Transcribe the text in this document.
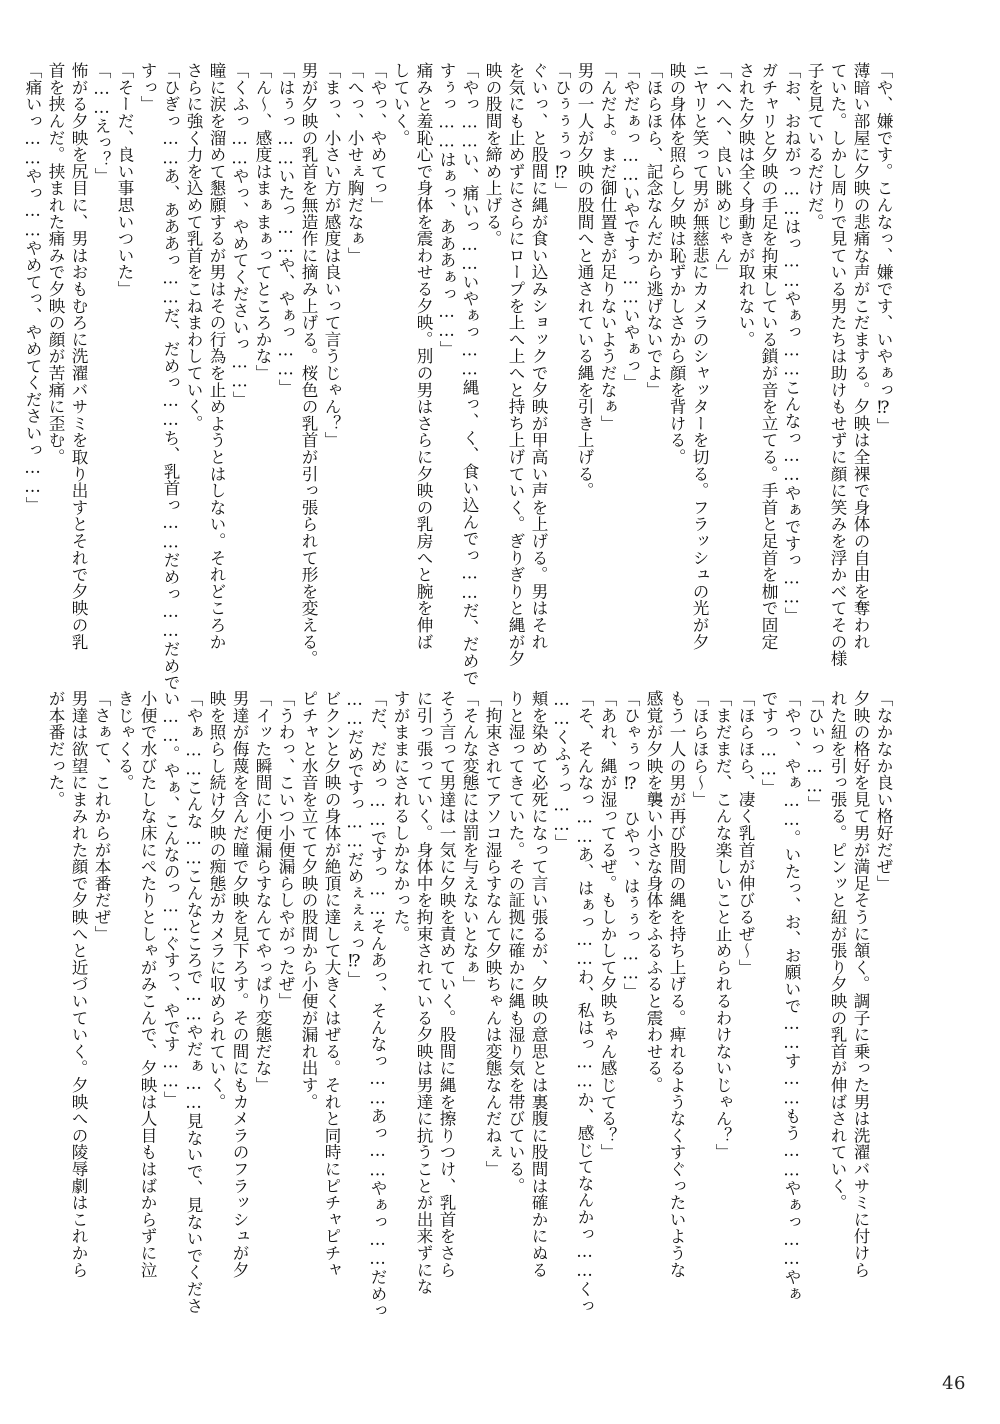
「や、嫌です。こんなっ、嫌です、いやぁっ⁉」
薄暗い部屋に夕映の悲痛な声がこだまする。夕映は全裸で身体の自由を奪われ
ていた。しかし周りで見ている男たちは助けもせずに顔に笑みを浮かべてその様
子を見ているだけだ。
「お、おねがっ……はっ……やぁっ……こんなっ……やぁですっ……」
ガチャリと夕映の手足を拘束している鎖が音を立てる。手首と足首を枷で固定
された夕映は全く身動きが取れない。
「へへへ、良い眺めじゃん」
ニヤリと笑って男が無慈悲にカメラのシャッターを切る。フラッシュの光が夕
映の身体を照らし夕映は恥ずかしさから顔を背ける。
「ほらほら、記念なんだから逃げないでよ」
「やだぁっ……いやですっ……いやぁっ」
「んだよ。まだ御仕置きが足りないようだなぁ」
男の一人が夕映の股間へと通されている縄を引き上げる。
「ひぅぅぅっ⁉」
ぐいっ、と股間に縄が食い込みショックで夕映が甲高い声を上げる。男はそれ
を気にも止めずにさらにロープを上へ上へと持ち上げていく。ぎりぎりと縄が夕
映の股間を締め上げる。
「やっ……い、痛いっ……いやぁっ……縄っ、く、食い込んでっ……だ、だめで
すぅっ……はぁっ、あああぁっ……」
痛みと羞恥心で身体を震わせる夕映。別の男はさらに夕映の乳房へと腕を伸ば
していく。
「やっ、やめてっ」
「へっ、小せぇ胸だなぁ」
「まっ、小さい方が感度は良いって言うじゃん？」
男が夕映の乳首を無造作に摘み上げる。桜色の乳首が引っ張られて形を変える。
「はぅっ……いたっ……や、やぁっ……」
「ん～、感度はまぁまぁってところかな」
「くふっ……やっ、やめてくださいっ……」
瞳に涙を溜めて懇願するが男はその行為を止めようとはしない。それどころか
さらに強く力を込めて乳首をこねまわしていく。
「ひぎっ……あ、あああっ……だ、だめっ……ち、乳首っ……だめっ……だめで
すっ」
「そーだ、良い事思いついた」
「……えっ？」
怖がる夕映を尻目に、男はおもむろに洗濯バサミを取り出すとそれで夕映の乳
首を挟んだ。挟まれた痛みで夕映の顔が苦痛に歪む。
「痛いっ……やっ……やめてっ、やめてくださいっ……」
「なかなか良い格好だぜ」
夕映の格好を見て男が満足そうに頷く。調子に乗った男は洗濯バサミに付けら
れた紐を引っ張る。ピンッと紐が張り夕映の乳首が伸ばされていく。
「ひぃっ……」
「やっ、やぁ……。いたっ、お、お願いで……す……もう……やぁっ……やぁ
ですっ……」
「ほらほら、凄く乳首が伸びるぜ～」
「まだまだ、こんな楽しいこと止められるわけないじゃん？」
「ほらほら～」
もう一人の男が再び股間の縄を持ち上げる。痺れるようなくすぐったいような
感覚が夕映を襲い小さな身体をふるふると震わせる。
「ひゃぅっ⁉　ひやっ、はぅぅっ……」
「あれ、縄が湿ってるぜ。もしかして夕映ちゃん感じてる？」
「そ、そんなっ……あ、はぁっ……わ、私はっ……か、感じてなんかっ……くっ
……くふぅっ……」
頬を染めて必死になって言い張るが、夕映の意思とは裏腹に股間は確かにぬる
りと湿ってきていた。その証拠に確かに縄も湿り気を帯びている。
「拘束されてアソコ湿らすなんて夕映ちゃんは変態なんだねぇ」
「そんな変態には罰を与えないとなぁ」
そう言って男達は一気に夕映を責めていく。股間に縄を擦りつけ、乳首をさら
に引っ張っていく。身体中を拘束されている夕映は男達に抗うことが出来ずにな
すがままにされるしかなかった。
「だ、だめっ……ですっ……そんあっ、そんなっ……あっ……やぁっ……だめっ
……だめですっ……だめぇぇぇっ⁉」
ビクンと夕映の身体が絶頂に達して大きくはぜる。それと同時にピチャピチャ
ピチャと水音を立てて夕映の股間から小便が漏れ出す。
「うわっ、こいつ小便漏らしやがったぜ」
「イッた瞬間に小便漏らすなんてやっぱり変態だな」
男達が侮蔑を含んだ瞳で夕映を見下ろす。その間にもカメラのフラッシュが夕
映を照らし続け夕映の痴態がカメラに収められていく。
「やぁ……こんな……こんなところで……やだぁ……見ないで、見ないでくださ
い……。やぁ、こんなのっ……ぐすっ、やです……」
小便で水びたしな床にぺたりとしゃがみこんで、夕映は人目もはばからずに泣
きじゃくる。
「さぁて、これからが本番だぜ」
男達は欲望にまみれた顔で夕映へと近づいていく。夕映への陵辱劇はこれから
が本番だった。
46
